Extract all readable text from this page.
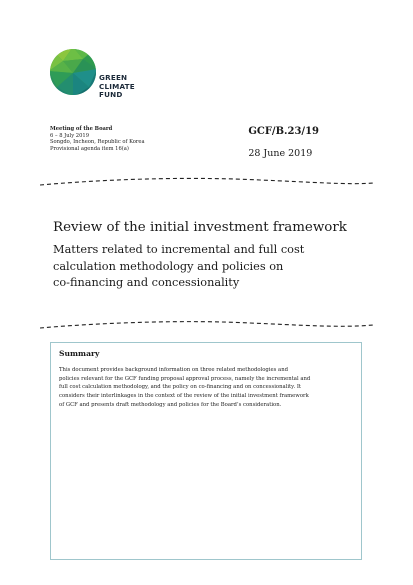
GREEN
CLIMATE
FUND
Meeting of the Board
6 – 8 July 2019
Songdo, Incheon, Republic of Korea
Provisional agenda item 16(a)
GCF/B.23/19
28 June 2019
Review of the initial investment framework
Matters related to incremental and full cost
calculation methodology and policies on
co-financing and concessionality
Summary
This document provides background information on three related methodologies and
policies relevant for the GCF funding proposal approval process, namely the incremental and
full cost calculation methodology, and the policy on co-financing and on concessionality. It
considers their interlinkages in the context of the review of the initial investment framework
of GCF and presents draft methodology and policies for the Board’s consideration.
